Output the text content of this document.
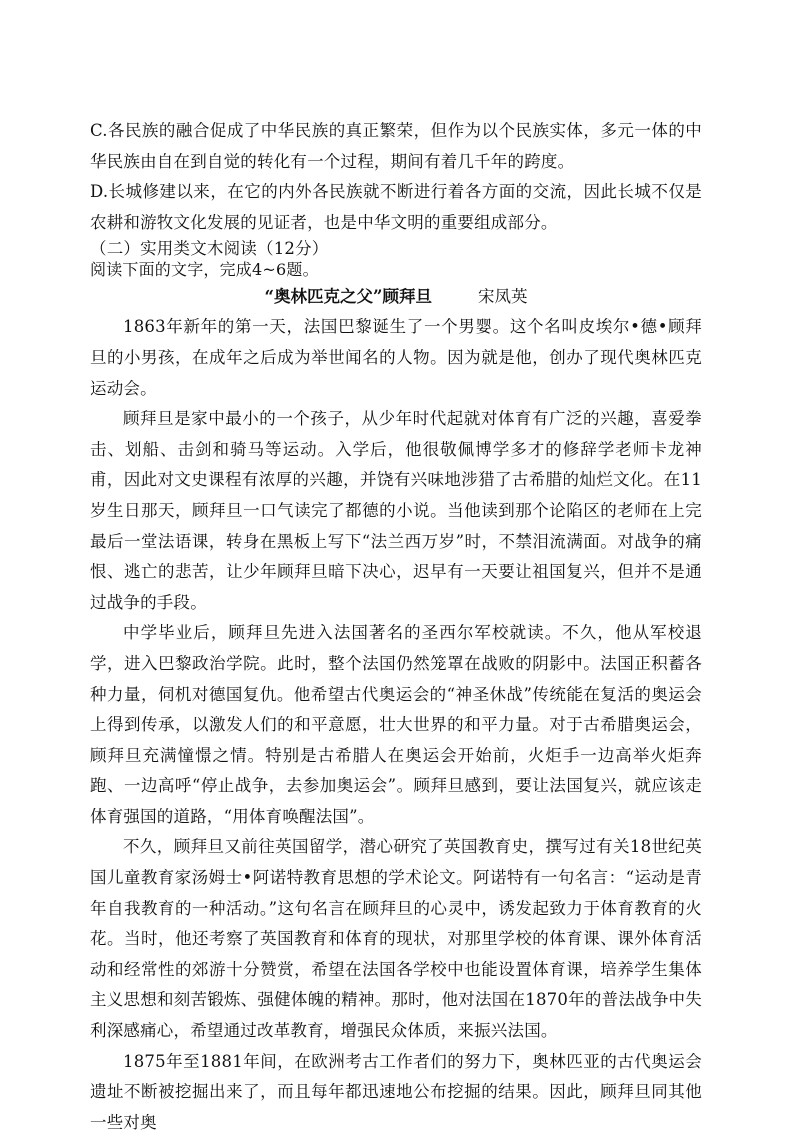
C.各民族的融合促成了中华民族的真正繁荣，但作为以个民族实体，多元一体的中华民族由自在到自觉的转化有一个过程，期间有着几千年的跨度。

D.长城修建以来，在它的内外各民族就不断进行着各方面的交流，因此长城不仅是农耕和游牧文化发展的见证者，也是中华文明的重要组成部分。

（二）实用类文木阅读（12分）

阅读下面的文字，完成4~6题。

“奥林匹克之父”顾拜旦	宋凤英

1863年新年的第一天，法国巴黎诞生了一个男婴。这个名叫皮埃尔•德•顾拜旦的小男孩，在成年之后成为举世闻名的人物。因为就是他，创办了现代奥林匹克运动会。

顾拜旦是家中最小的一个孩子，从少年时代起就对体育有广泛的兴趣，喜爱拳击、划船、击剑和骑马等运动。入学后，他很敬佩博学多才的修辞学老师卡龙神甫，因此对文史课程有浓厚的兴趣，并饶有兴味地涉猎了古希腊的灿烂文化。在11岁生日那天，顾拜旦一口气读完了都德的小说。当他读到那个论陷区的老师在上完最后一堂法语课，转身在黑板上写下“法兰西万岁”时，不禁泪流满面。对战争的痛恨、逃亡的悲苦，让少年顾拜旦暗下决心，迟早有一天要让祖国复兴，但并不是通过战争的手段。

中学毕业后，顾拜旦先进入法国著名的圣西尔军校就读。不久，他从军校退学，进入巴黎政治学院。此时，整个法国仍然笼罩在战败的阴影中。法国正积蓄各种力量，伺机对德国复仇。他希望古代奥运会的“神圣休战”传统能在复活的奥运会上得到传承，以激发人们的和平意愿，壮大世界的和平力量。对于古希腊奥运会，顾拜旦充满憧憬之情。特别是古希腊人在奥运会开始前，火炬手一边高举火炬奔跑、一边高呼“停止战争，去参加奥运会”。顾拜旦感到，要让法国复兴，就应该走体育强国的道路，“用体育唤醒法国”。

不久，顾拜旦又前往英国留学，潜心研究了英国教育史，撰写过有关18世纪英国儿童教育家汤姆士•阿诺特教育思想的学术论文。阿诺特有一句名言：“运动是青年自我教育的一种活动。”这句名言在顾拜旦的心灵中，诱发起致力于体育教育的火花。当时，他还考察了英国教育和体育的现状，对那里学校的体育课、课外体育活动和经常性的郊游十分赞赏，希望在法国各学校中也能设置体育课，培养学生集体主义思想和刻苦锻炼、强健体魄的精神。那时，他对法国在1870年的普法战争中失利深感痛心，希望通过改革教育，增强民众体质，来振兴法国。

1875年至1881年间，在欧洲考古工作者们的努力下，奥林匹亚的古代奥运会遗址不断被挖掘出来了，而且每年都迅速地公布挖掘的结果。因此，顾拜旦同其他一些对奥
